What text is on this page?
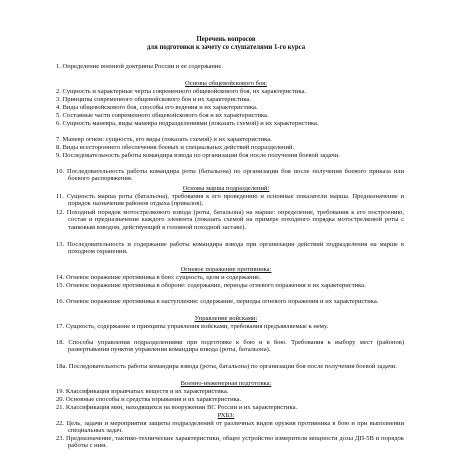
Перечень вопросов
для подготовки к зачету со слушателями 1-го курса
1. Определение военной доктрины России и ее содержание.
Основы общевойскового боя:
2. Сущность и характерные черты современного общевойскового боя, их характеристика.
3. Принципы современного общевойскового боя и их характеристика.
4. Виды общевойскового боя, способы его ведения и их характеристика.
5. Составные части современного общевойскового боя и их характеристика.
6. Сущность маневра, виды маневра подразделениями (показать схемой) и их характеристика.
7. Маневр огнем: сущность, его виды (показать схемой) и их характеристика.
8. Виды всестороннего обеспечения боевых и специальных действий подразделений.
9. Последовательность работы командира взвода по организации боя после получения боевой задачи.
10. Последовательность работы командира роты (батальона) по организации боя после получения боевого приказа или боевого распоряжения.
Основы марша подразделений:
11. Сущность марша роты (батальона), требования к его проведению и основные показатели марша. Предназначение и порядок назначения районов отдыха (привалов).
12. Походный порядок мотострелкового взвода (роты, батальона) на марше: определение, требования к его построению, состав и предназначение каждого элемента (показать схемой на примере походного порядка мотострелковой роты с танковым взводом, действующей в головной походной заставе).
13. Последовательность и содержание работы командира взвода при организации действий подразделения на марше в походном охранении.
Огневое поражение противника:
14. Огневое поражение противника в бою: сущность, цели и содержание.
15. Огневое поражение противника в обороне: содержание, периоды огневого поражения и их характеристика.
16. Огневое поражение противника в наступлении: содержание, периоды огневого поражения и их характеристика.
Управление войсками:
17. Сущность, содержание и принципы управления войсками, требования предъявляемые к нему.
18. Способы управления подразделениями при подготовке к бою и в бою. Требования к выбору мест (районов) развертывания пунктов управления командира взвода (роты, батальона).
18а. Последовательность работы командира взвода (роты, батальона) по организации боя после получения боевой задачи.
Военно-инженерная подготовка:
19. Классификация взрывчатых веществ и их характеристика.
20. Основные способы и средства взрывания и их характеристика.
21. Классификация мин, находящихся на вооружении ВС России и их характеристика.
РХБЗ:
22. Цель, задачи и мероприятия защиты подразделений от различных видов оружия противника в бою и при выполнении специальных задач.
23. Предназначение, тактико-технические характеристики, общее устройство измерителя мощности дозы ДП-5В и порядок работы с ним.
